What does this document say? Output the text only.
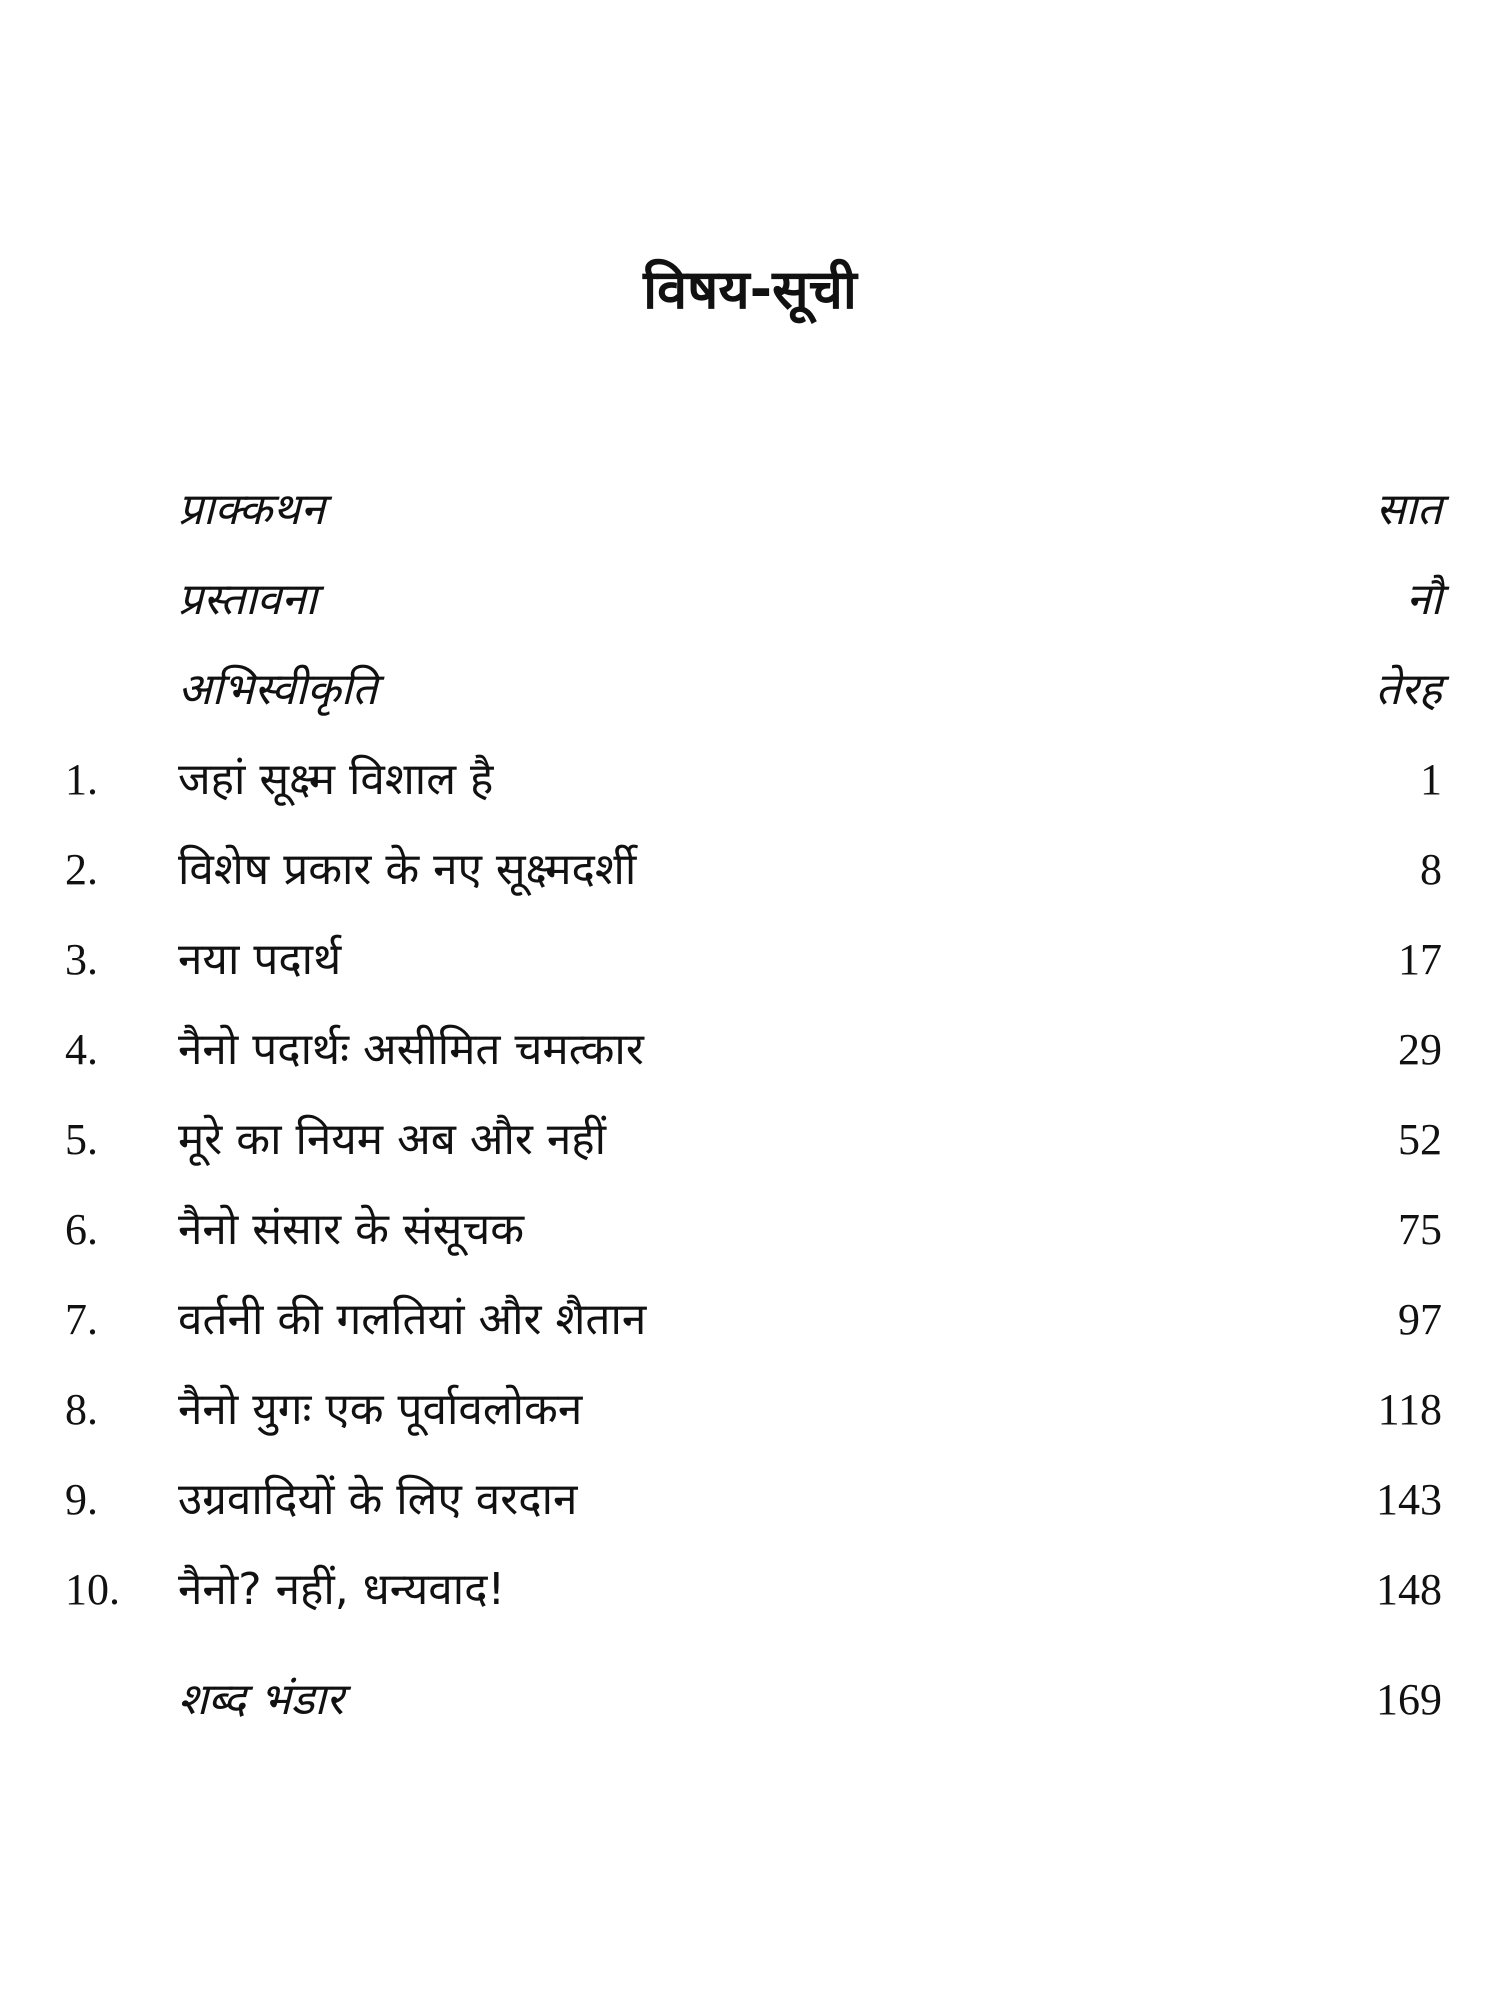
विषय-सूची
प्राक्कथन	सात
प्रस्तावना	नौ
अभिस्वीकृति	तेरह
1. जहां सूक्ष्म विशाल है	1
2. विशेष प्रकार के नए सूक्ष्मदर्शी	8
3. नया पदार्थ	17
4. नैनो पदार्थः असीमित चमत्कार	29
5. मूरे का नियम अब और नहीं	52
6. नैनो संसार के संसूचक	75
7. वर्तनी की गलतियां और शैतान	97
8. नैनो युगः एक पूर्वावलोकन	118
9. उग्रवादियों के लिए वरदान	143
10. नैनो? नहीं, धन्यवाद!	148
शब्द भंडार	169
